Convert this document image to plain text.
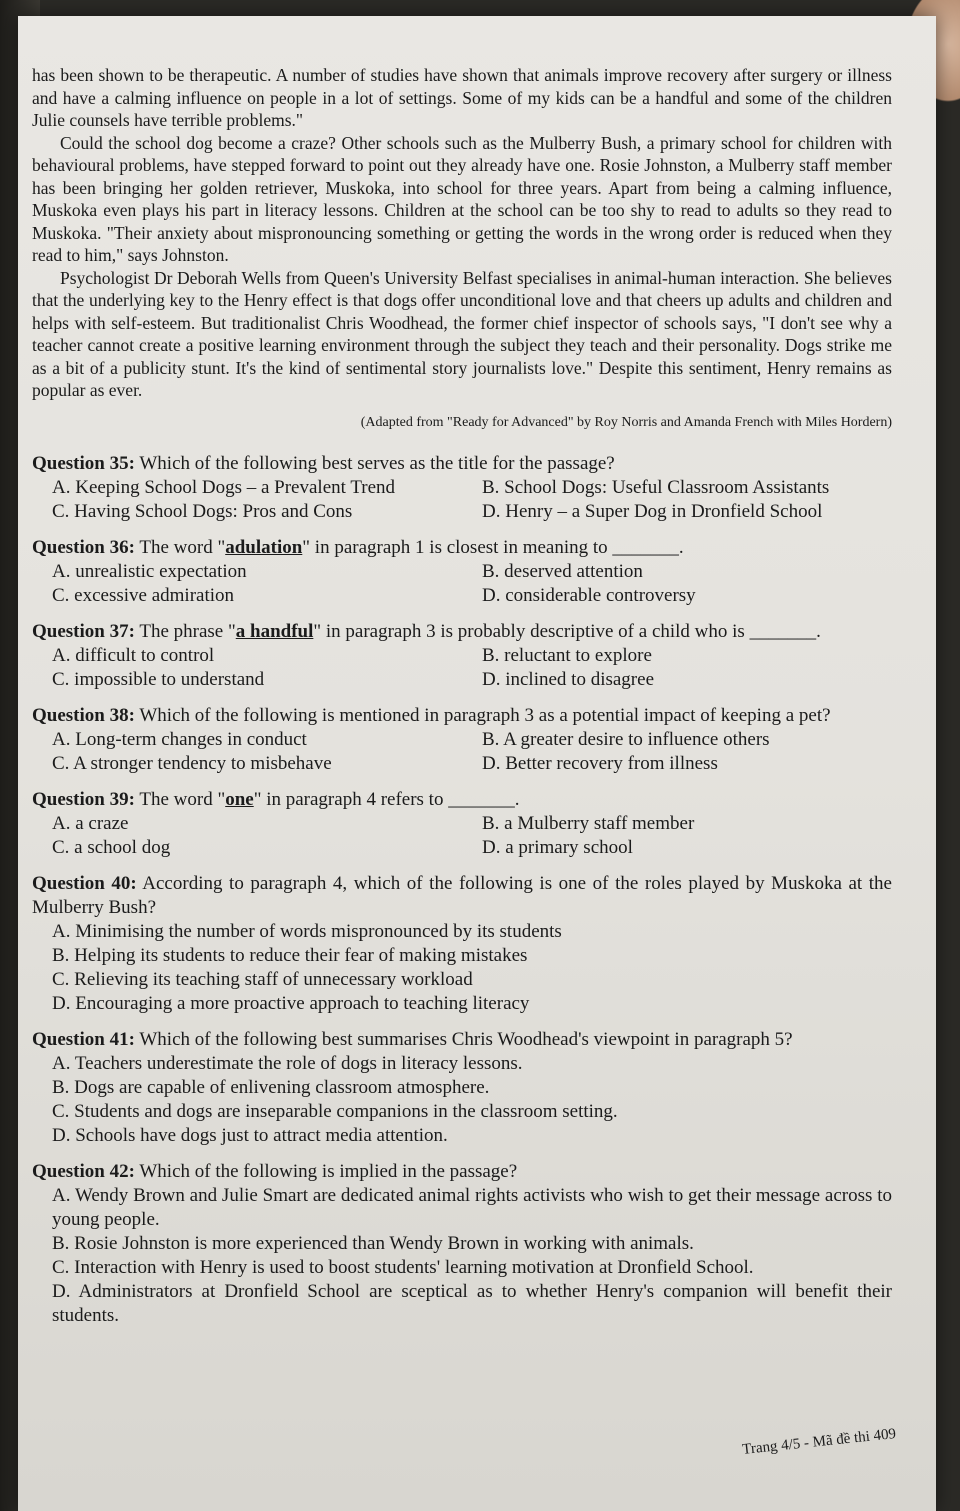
has been shown to be therapeutic. A number of studies have shown that animals improve recovery after surgery or illness and have a calming influence on people in a lot of settings. Some of my kids can be a handful and some of the children Julie counsels have terrible problems."

Could the school dog become a craze? Other schools such as the Mulberry Bush, a primary school for children with behavioural problems, have stepped forward to point out they already have one. Rosie Johnston, a Mulberry staff member has been bringing her golden retriever, Muskoka, into school for three years. Apart from being a calming influence, Muskoka even plays his part in literacy lessons. Children at the school can be too shy to read to adults so they read to Muskoka. "Their anxiety about mispronouncing something or getting the words in the wrong order is reduced when they read to him," says Johnston.

Psychologist Dr Deborah Wells from Queen's University Belfast specialises in animal-human interaction. She believes that the underlying key to the Henry effect is that dogs offer unconditional love and that cheers up adults and children and helps with self-esteem. But traditionalist Chris Woodhead, the former chief inspector of schools says, "I don't see why a teacher cannot create a positive learning environment through the subject they teach and their personality. Dogs strike me as a bit of a publicity stunt. It's the kind of sentimental story journalists love." Despite this sentiment, Henry remains as popular as ever.

(Adapted from "Ready for Advanced" by Roy Norris and Amanda French with Miles Hordern)
Question 35: Which of the following best serves as the title for the passage?
A. Keeping School Dogs – a Prevalent Trend	B. School Dogs: Useful Classroom Assistants
C. Having School Dogs: Pros and Cons	D. Henry – a Super Dog in Dronfield School
Question 36: The word "adulation" in paragraph 1 is closest in meaning to _______.
A. unrealistic expectation	B. deserved attention
C. excessive admiration	D. considerable controversy
Question 37: The phrase "a handful" in paragraph 3 is probably descriptive of a child who is _______.
A. difficult to control	B. reluctant to explore
C. impossible to understand	D. inclined to disagree
Question 38: Which of the following is mentioned in paragraph 3 as a potential impact of keeping a pet?
A. Long-term changes in conduct	B. A greater desire to influence others
C. A stronger tendency to misbehave	D. Better recovery from illness
Question 39: The word "one" in paragraph 4 refers to _______.
A. a craze	B. a Mulberry staff member
C. a school dog	D. a primary school
Question 40: According to paragraph 4, which of the following is one of the roles played by Muskoka at the Mulberry Bush?
A. Minimising the number of words mispronounced by its students
B. Helping its students to reduce their fear of making mistakes
C. Relieving its teaching staff of unnecessary workload
D. Encouraging a more proactive approach to teaching literacy
Question 41: Which of the following best summarises Chris Woodhead's viewpoint in paragraph 5?
A. Teachers underestimate the role of dogs in literacy lessons.
B. Dogs are capable of enlivening classroom atmosphere.
C. Students and dogs are inseparable companions in the classroom setting.
D. Schools have dogs just to attract media attention.
Question 42: Which of the following is implied in the passage?
A. Wendy Brown and Julie Smart are dedicated animal rights activists who wish to get their message across to young people.
B. Rosie Johnston is more experienced than Wendy Brown in working with animals.
C. Interaction with Henry is used to boost students' learning motivation at Dronfield School.
D. Administrators at Dronfield School are sceptical as to whether Henry's companion will benefit their students.
Trang 4/5 - Mã đề thi 409
